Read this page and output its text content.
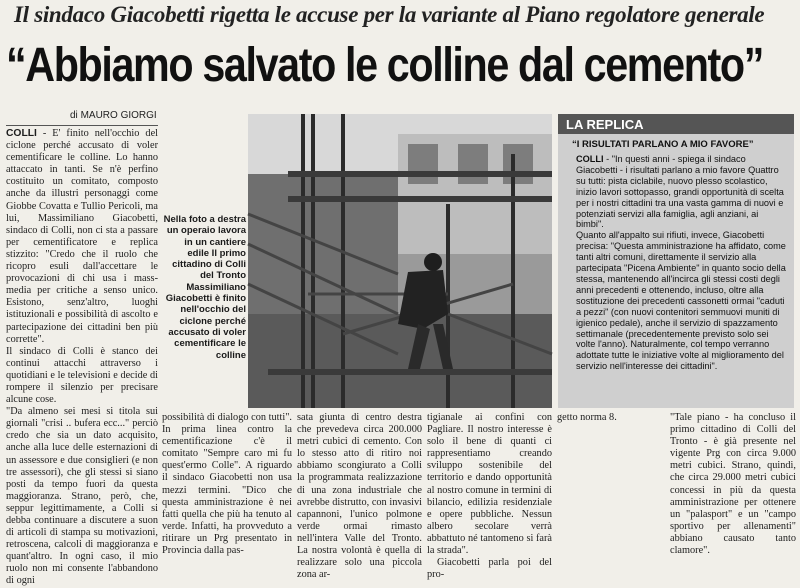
Il sindaco Giacobetti rigetta le accuse per la variante al Piano regolatore generale
“Abbiamo salvato le colline dal cemento”
di MAURO GIORGI

COLLI - E' finito nell'occhio del ciclone perché accusato di voler cementificare le colline. Lo hanno attaccato in tanti. Se n'è perfino costituito un comitato, composto anche da illustri personaggi come Giobbe Covatta e Tullio Pericoli, ma lui, Massimiliano Giacobetti, sindaco di Colli, non ci sta a passare per cementificatore e replica stizzito: "Credo che il ruolo che ricopro esuli dall'accettare le provocazioni di chi usa i mass-media per critiche a senso unico. Esistono, senz'altro, luoghi istituzionali e possibilità di ascolto e partecipazione dei cittadini ben più corrette".

Il sindaco di Colli è stanco dei continui attacchi attraverso i quotidiani e le televisioni e decide di rompere il silenzio per precisare alcune cose.

"Da almeno sei mesi si titola sui giornali "crisi .. bufera ecc..." perciò credo che sia un dato acquisito, anche alla luce delle esternazioni di un assessore e due consiglieri (e non tre assessori), che gli stessi si siano posti da tempo fuori da questa maggioranza. Strano, però, che, seppur legittimamente, a Colli si debba continuare a discutere a suon di articoli di stampa su motivazioni, retroscena, calcoli di maggioranza e quant'altro. In ogni caso, il mio ruolo non mi consente l'abbandono di ogni

Nella foto a destra un operaio lavora in un cantiere edile Il primo cittadino di Colli del Tronto Massimiliano Giacobetti è finito nell'occhio del ciclone perché accusato di voler cementificare le colline
LA REPLICA
“I RISULTATI PARLANO A MIO FAVORE”

COLLI - "In questi anni - spiega il sindaco Giacobetti - i risultati parlano a mio favore Quattro su tutti: pista ciclabile, nuovo plesso scolastico, inizio lavori sottopasso, grandi opportunità di scelta per i nostri cittadini tra una vasta gamma di nuovi e potenziati servizi alla famiglia, agli anziani, ai bimbi".

Quanto all'appalto sui rifiuti, invece, Giacobetti precisa: "Questa amministrazione ha affidato, come tanti altri comuni, direttamente il servizio alla partecipata "Picena Ambiente" in quanto socio della stessa, mantenendo all'incirca gli stessi costi degli anni precedenti e ottenendo, incluso, oltre alla sostituzione dei precedenti cassonetti ormai "caduti a pezzi" (con nuovi contenitori semmuovi muniti di igienico pedale), anche il servizio di spazzamento settimanale (precedentemente previsto solo sei volte l'anno). Naturalmente, col tempo verranno adottate tutte le iniziative volte al miglioramento del servizio nell'interesse dei cittadini".

possibilità di dialogo con tutti". In prima linea contro la cementificazione c'è il comitato "Sempre caro mi fu quest'ermo Colle". A riguardo il sindaco Giacobetti non usa mezzi termini. "Dico che questa amministrazione è nei fatti quella che più ha tenuto al verde. Infatti, ha provveduto a ritirare un Prg presentato in Provincia dalla pas-

sata giunta di centro destra che prevedeva circa 200.000 metri cubici di cemento. Con lo stesso atto di ritiro noi abbiamo scongiurato a Colli la programmata realizzazione di una zona industriale che avrebbe distrutto, con invasivi capannoni, l'unico polmone verde ormai rimasto nell'intera Valle del Tronto. La nostra volontà è quella di realizzare solo una piccola zona ar-

tigianale ai confini con Pagliare. Il nostro interesse è solo il bene di quanti ci rappresentiamo creando sviluppo sostenibile del territorio e dando opportunità al nostro comune in termini di bilancio, edilizia residenziale e opere pubbliche. Nessun albero secolare verrà abbattuto né tantomeno si farà la strada".

Giacobetti parla poi del pro-

getto norma 8.	"Tale piano - ha concluso il primo cittadino di Colli del Tronto - è già presente nel vigente Prg con circa 9.000 metri cubici. Strano, quindi, che circa 29.000 metri cubici concessi in più da questa amministrazione per ottenere un "palasport" e un "campo sportivo per allenamenti" abbiano causato tanto clamore".
